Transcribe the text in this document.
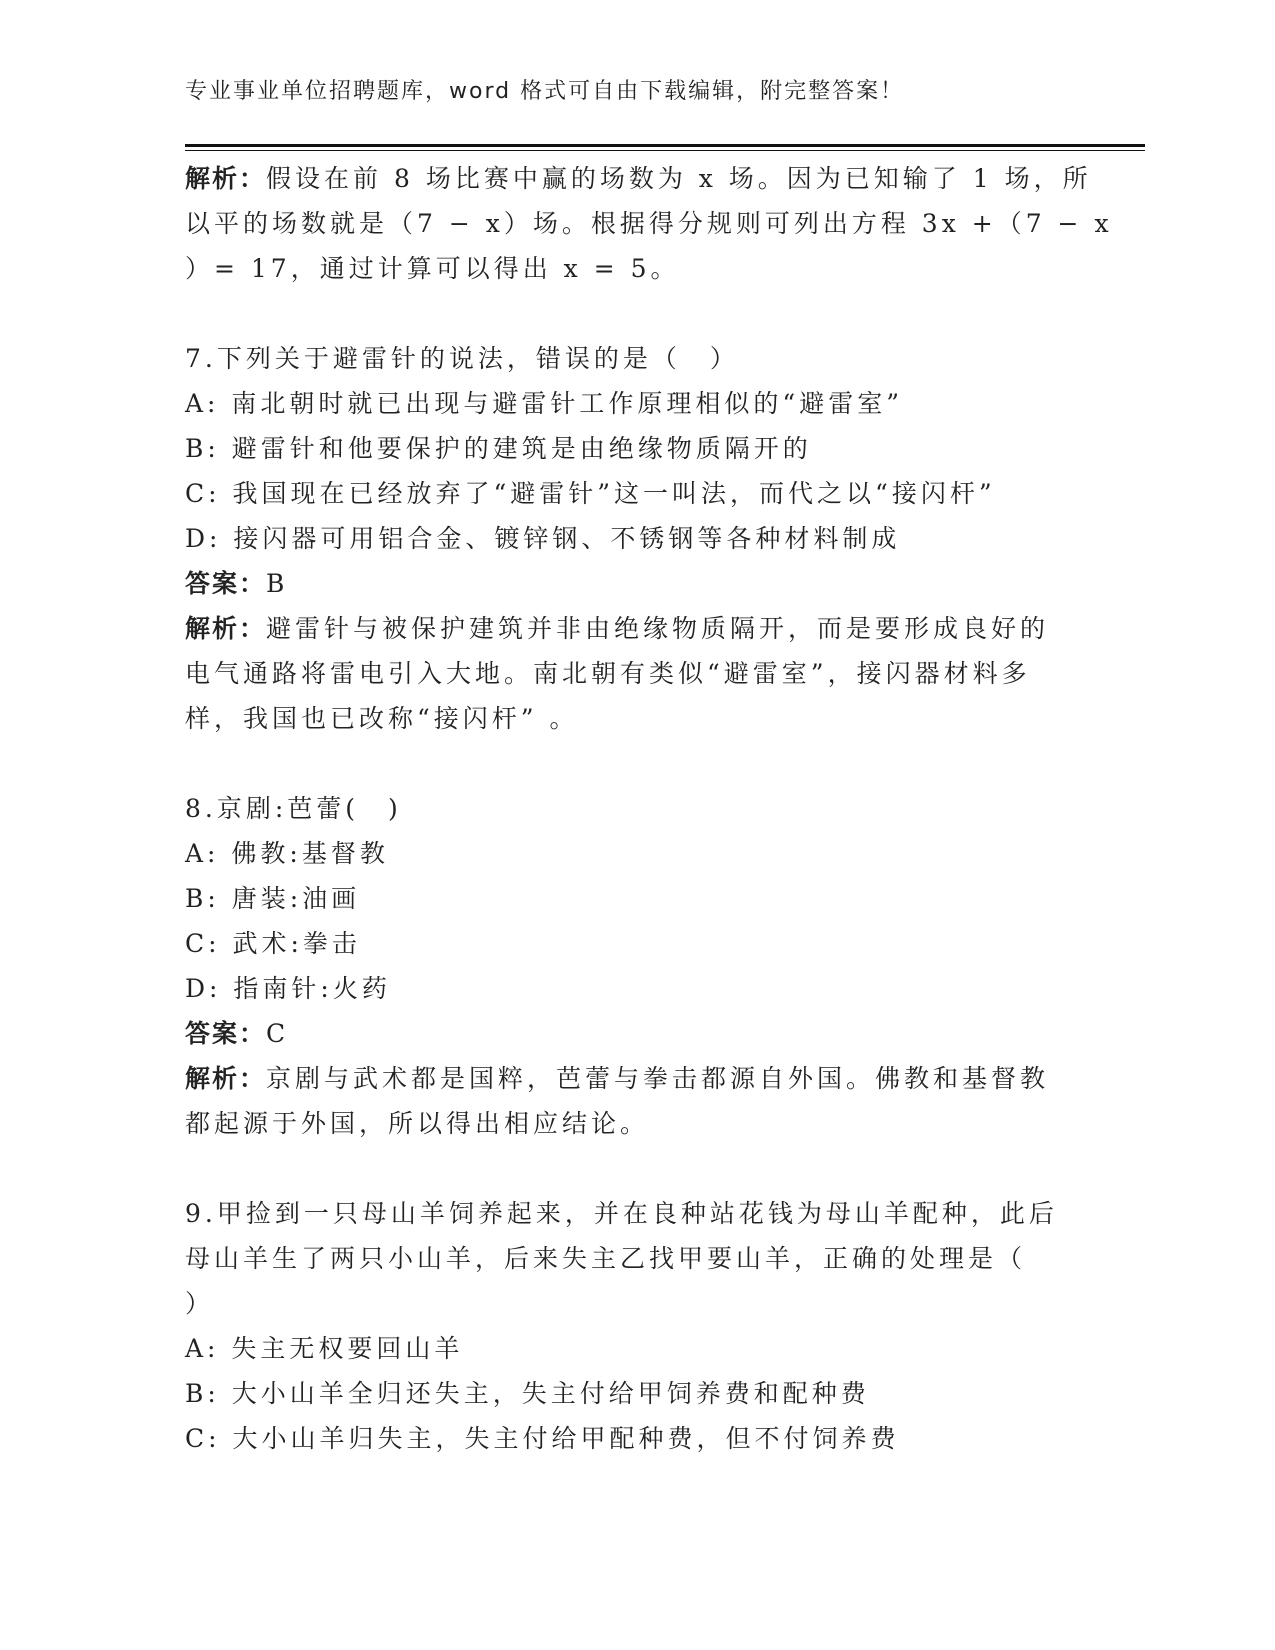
专业事业单位招聘题库，word 格式可自由下载编辑，附完整答案！
解析：假设在前 8 场比赛中赢的场数为 x 场。因为已知输了 1 场，所
以平的场数就是（7 − x）场。根据得分规则可列出方程 3x +（7 − x
）= 17，通过计算可以得出 x = 5。
7.下列关于避雷针的说法，错误的是（　）
A: 南北朝时就已出现与避雷针工作原理相似的“避雷室”
B: 避雷针和他要保护的建筑是由绝缘物质隔开的
C: 我国现在已经放弃了“避雷针”这一叫法，而代之以“接闪杆”
D: 接闪器可用铝合金、镀锌钢、不锈钢等各种材料制成
答案：B
解析：避雷针与被保护建筑并非由绝缘物质隔开，而是要形成良好的
电气通路将雷电引入大地。南北朝有类似“避雷室”，接闪器材料多
样，我国也已改称“接闪杆” 。
8.京剧:芭蕾(　)
A: 佛教:基督教
B: 唐装:油画
C: 武术:拳击
D: 指南针:火药
答案：C
解析：京剧与武术都是国粹，芭蕾与拳击都源自外国。佛教和基督教
都起源于外国，所以得出相应结论。
9.甲捡到一只母山羊饲养起来，并在良种站花钱为母山羊配种，此后
母山羊生了两只小山羊，后来失主乙找甲要山羊，正确的处理是（
）
A: 失主无权要回山羊
B: 大小山羊全归还失主，失主付给甲饲养费和配种费
C: 大小山羊归失主，失主付给甲配种费，但不付饲养费
